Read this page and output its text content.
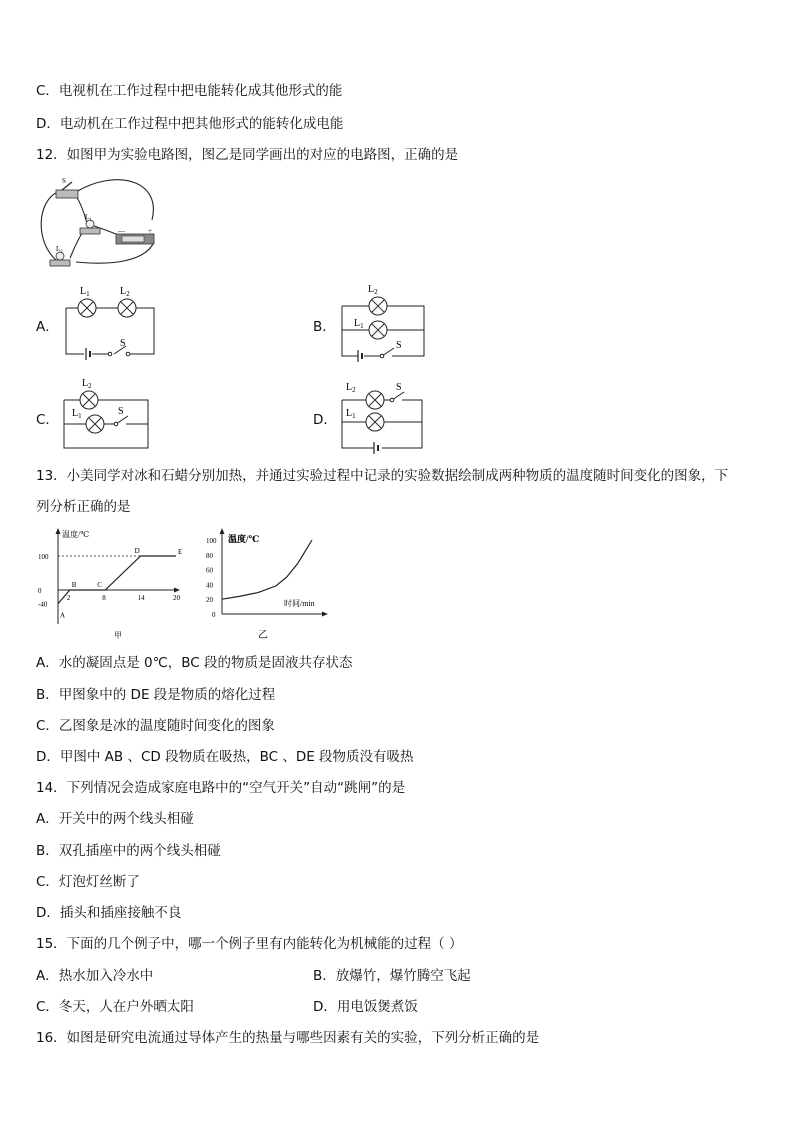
C．电视机在工作过程中把电能转化成其他形式的能
D．电动机在工作过程中把其他形式的能转化成电能
12．如图甲为实验电路图，图乙是同学画出的对应的电路图，正确的是
S
$L_1$
—	+
$L_2$
A．
$L_1$	$L_2$
S
B．
$L_2$
$L_1$
S
C．
$L_2$
$L_1$	S
D．
$L_2$	S
$L_1$
13．小美同学对冰和石蜡分别加热，并通过实验过程中记录的实验数据绘制成两种物质的温度随时间变化的图象，下
列分析正确的是
温度/℃
A
B	C
D	E
2	8	14	20
100
0
-40
甲
温度/℃
时间/min
100
80
60
40
20
0
乙
A．水的凝固点是 0℃，BC 段的物质是固液共存状态
B．甲图象中的 DE 段是物质的熔化过程
C．乙图象是冰的温度随时间变化的图象
D．甲图中 AB 、CD 段物质在吸热，BC 、DE 段物质没有吸热
14．下列情况会造成家庭电路中的“空气开关”自动“跳闸”的是
A．开关中的两个线头相碰
B．双孔插座中的两个线头相碰
C．灯泡灯丝断了
D．插头和插座接触不良
15．下面的几个例子中，哪一个例子里有内能转化为机械能的过程（ ）
A．热水加入冷水中	B．放爆竹，爆竹腾空飞起
C．冬天，人在户外晒太阳	D．用电饭煲煮饭
16．如图是研究电流通过导体产生的热量与哪些因素有关的实验，下列分析正确的是
